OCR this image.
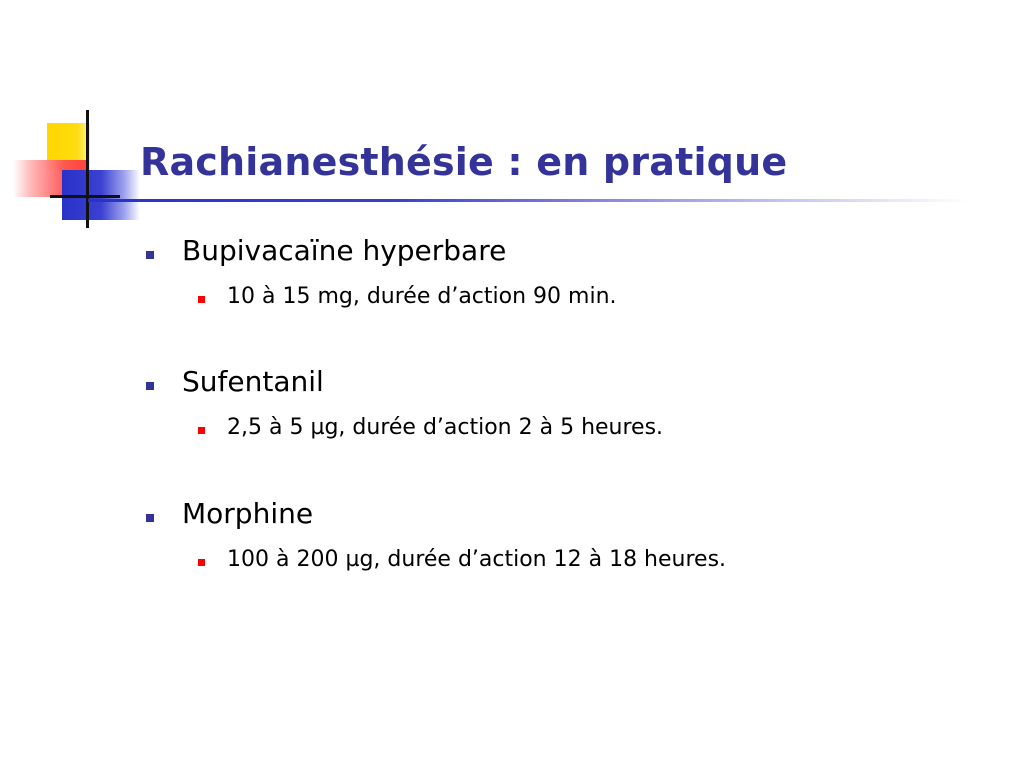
Rachianesthésie : en pratique
Bupivacaïne hyperbare
10 à 15 mg, durée d’action 90 min.
Sufentanil
2,5 à 5 µg, durée d’action 2 à 5 heures.
Morphine
100 à 200 µg, durée d’action 12 à 18 heures.
